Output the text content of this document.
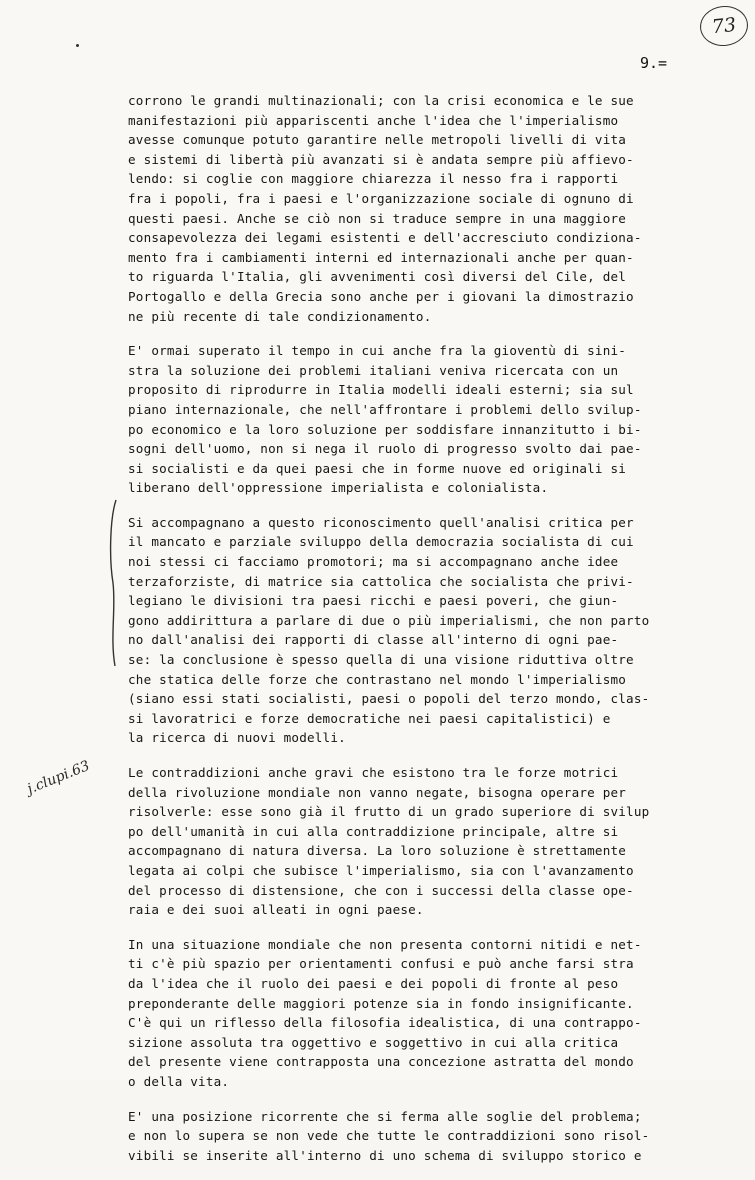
73
9.=
j.clupi.63
corrono le grandi multinazionali; con la crisi economica e le sue
manifestazioni più appariscenti anche l'idea che l'imperialismo
avesse comunque potuto garantire nelle metropoli livelli di vita
e sistemi di libertà più avanzati si è andata sempre più affievo-
lendo: si coglie con maggiore chiarezza il nesso fra i rapporti
fra i popoli, fra i paesi e l'organizzazione sociale di ognuno di
questi paesi. Anche se ciò non si traduce sempre in una maggiore
consapevolezza dei legami esistenti e dell'accresciuto condiziona-
mento fra i cambiamenti interni ed internazionali anche per quan-
to riguarda l'Italia, gli avvenimenti così diversi del Cile, del
Portogallo e della Grecia sono anche per i giovani la dimostrazio
ne più recente di tale condizionamento.
E' ormai superato il tempo in cui anche fra la gioventù di sini-
stra la soluzione dei problemi italiani veniva ricercata con un
proposito di riprodurre in Italia modelli ideali esterni; sia sul
piano internazionale, che nell'affrontare i problemi dello svilup-
po economico e la loro soluzione per soddisfare innanzitutto i bi-
sogni dell'uomo, non si nega il ruolo di progresso svolto dai pae-
si socialisti e da quei paesi che in forme nuove ed originali si
liberano dell'oppressione imperialista e colonialista.
Si accompagnano a questo riconoscimento quell'analisi critica per
il mancato e parziale sviluppo della democrazia socialista di cui
noi stessi ci facciamo promotori; ma si accompagnano anche idee
terzaforziste, di matrice sia cattolica che socialista che privi-
legiano le divisioni tra paesi ricchi e paesi poveri, che giun-
gono addirittura a parlare di due o più imperialismi, che non parto
no dall'analisi dei rapporti di classe all'interno di ogni pae-
se: la conclusione è spesso quella di una visione riduttiva oltre
che statica delle forze che contrastano nel mondo l'imperialismo
(siano essi stati socialisti, paesi o popoli del terzo mondo, clas-
si lavoratrici e forze democratiche nei paesi capitalistici) e
la ricerca di nuovi modelli.
Le contraddizioni anche gravi che esistono tra le forze motrici
della rivoluzione mondiale non vanno negate, bisogna operare per
risolverle: esse sono già il frutto di un grado superiore di svilup
po dell'umanità in cui alla contraddizione principale, altre si
accompagnano di natura diversa. La loro soluzione è strettamente
legata ai colpi che subisce l'imperialismo, sia con l'avanzamento
del processo di distensione, che con i successi della classe ope-
raia e dei suoi alleati in ogni paese.
In una situazione mondiale che non presenta contorni nitidi e net-
ti c'è più spazio per orientamenti confusi e può anche farsi stra
da l'idea che il ruolo dei paesi e dei popoli di fronte al peso
preponderante delle maggiori potenze sia in fondo insignificante.
C'è qui un riflesso della filosofia idealistica, di una contrappo-
sizione assoluta tra oggettivo e soggettivo in cui alla critica
del presente viene contrapposta una concezione astratta del mondo
o della vita.
E' una posizione ricorrente che si ferma alle soglie del problema;
e non lo supera se non vede che tutte le contraddizioni sono risol-
vibili se inserite all'interno di uno schema di sviluppo storico e
